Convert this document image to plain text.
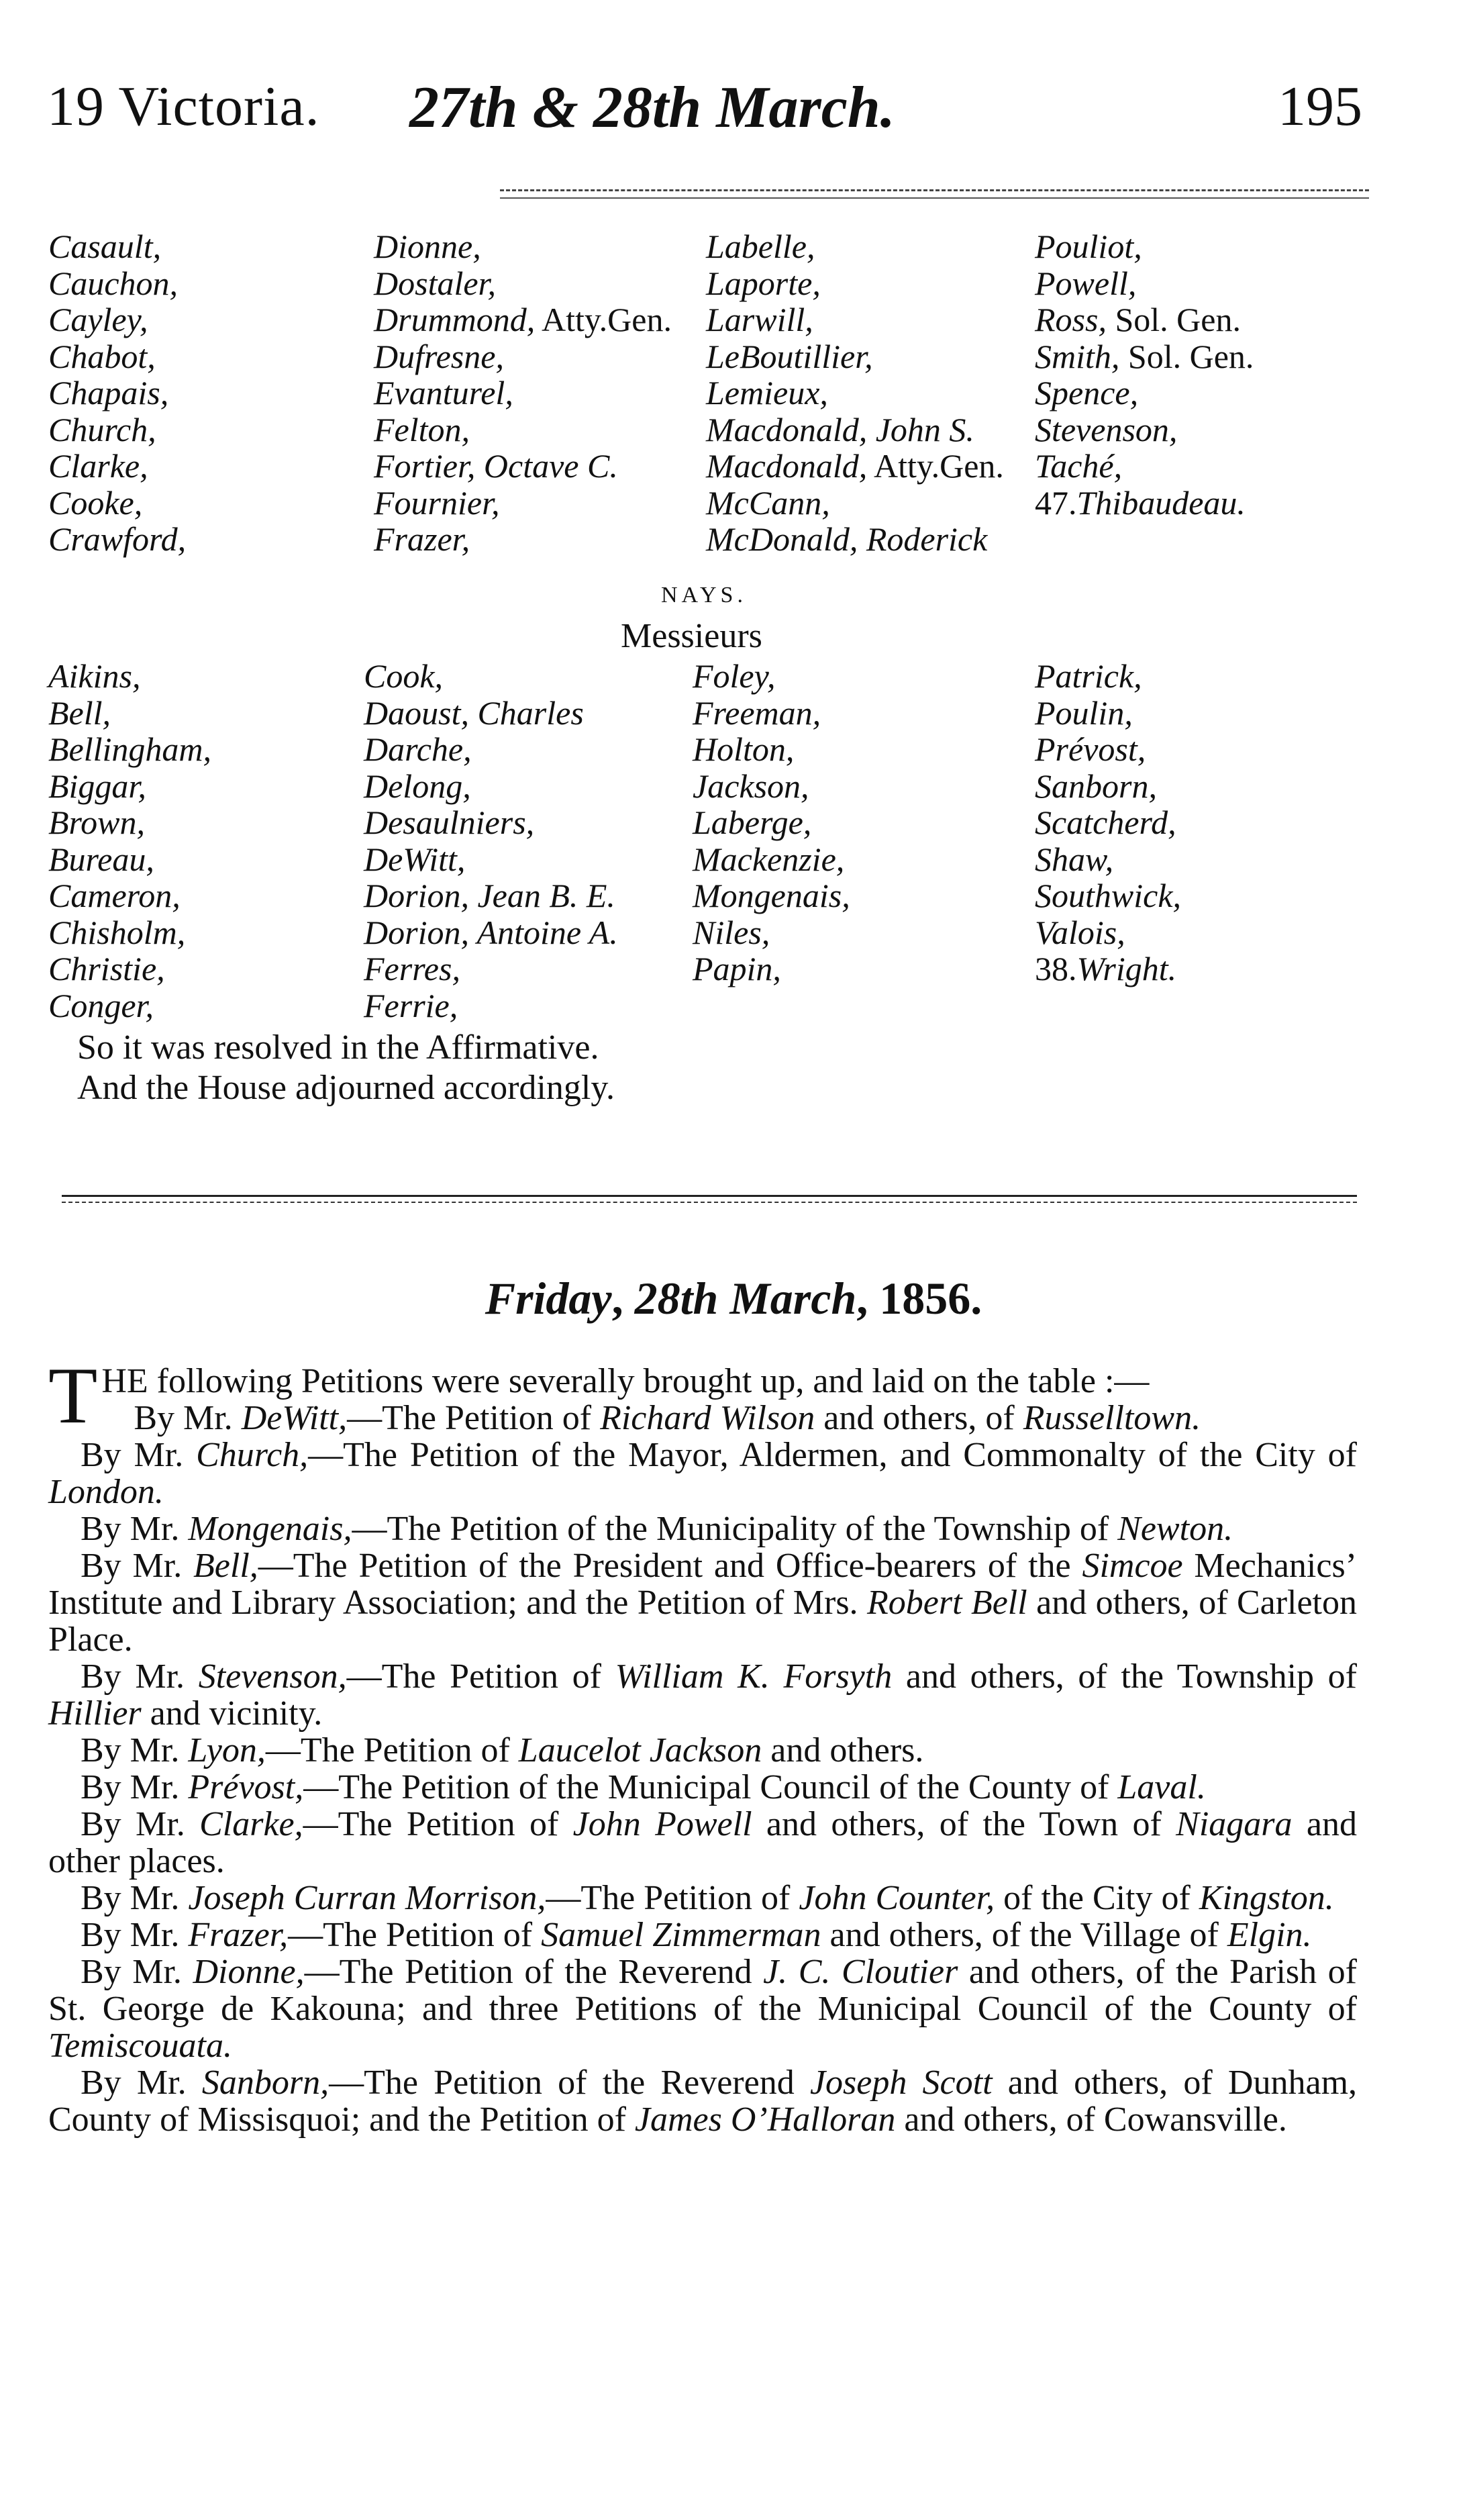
19 Victoria. 27th & 28th March.	195
Casault,
Cauchon,
Cayley,
Chabot,
Chapais,
Church,
Clarke,
Cooke,
Crawford,
Dionne,
Dostaler,
Drummond, Atty.Gen.
Dufresne,
Evanturel,
Felton,
Fortier, Octave C.
Fournier,
Frazer,
Labelle,
Laporte,
Larwill,
LeBoutillier,
Lemieux,
Macdonald, John S.
Macdonald, Atty.Gen.
McCann,
McDonald, Roderick
Pouliot,
Powell,
Ross, Sol. Gen.
Smith, Sol. Gen.
Spence,
Stevenson,
Taché,
47.Thibaudeau.

NAYS.
Messieurs
Aikins,
Bell,
Bellingham,
Biggar,
Brown,
Bureau,
Cameron,
Chisholm,
Christie,
Conger,
Cook,
Daoust, Charles
Darche,
Delong,
Desaulniers,
DeWitt,
Dorion, Jean B. E.
Dorion, Antoine A.
Ferres,
Ferrie,
Foley,
Freeman,
Holton,
Jackson,
Laberge,
Mackenzie,
Mongenais,
Niles,
Papin,

Patrick,
Poulin,
Prévost,
Sanborn,
Scatcherd,
Shaw,
Southwick,
Valois,
38.Wright.

So it was resolved in the Affirmative.
And the House adjourned accordingly.
Friday, 28th March, 1856.

THE following Petitions were severally brought up, and laid on the table :—

By Mr. DeWitt,—The Petition of Richard Wilson and others, of Russelltown.

By Mr. Church,—The Petition of the Mayor, Aldermen, and Commonalty of the City of London.

By Mr. Mongenais,—The Petition of the Municipality of the Township of Newton.

By Mr. Bell,—The Petition of the President and Office-bearers of the Simcoe Mechanics’ Institute and Library Association; and the Petition of Mrs. Robert Bell and others, of Carleton Place.

By Mr. Stevenson,—The Petition of William K. Forsyth and others, of the Township of Hillier and vicinity.

By Mr. Lyon,—The Petition of Laucelot Jackson and others.

By Mr. Prévost,—The Petition of the Municipal Council of the County of Laval.

By Mr. Clarke,—The Petition of John Powell and others, of the Town of Niagara and other places.

By Mr. Joseph Curran Morrison,—The Petition of John Counter, of the City of Kingston.

By Mr. Frazer,—The Petition of Samuel Zimmerman and others, of the Village of Elgin.

By Mr. Dionne,—The Petition of the Reverend J. C. Cloutier and others, of the Parish of St. George de Kakouna; and three Petitions of the Municipal Council of the County of Temiscouata.

By Mr. Sanborn,—The Petition of the Reverend Joseph Scott and others, of Dunham, County of Missisquoi; and the Petition of James O’Halloran and others, of Cowansville.
